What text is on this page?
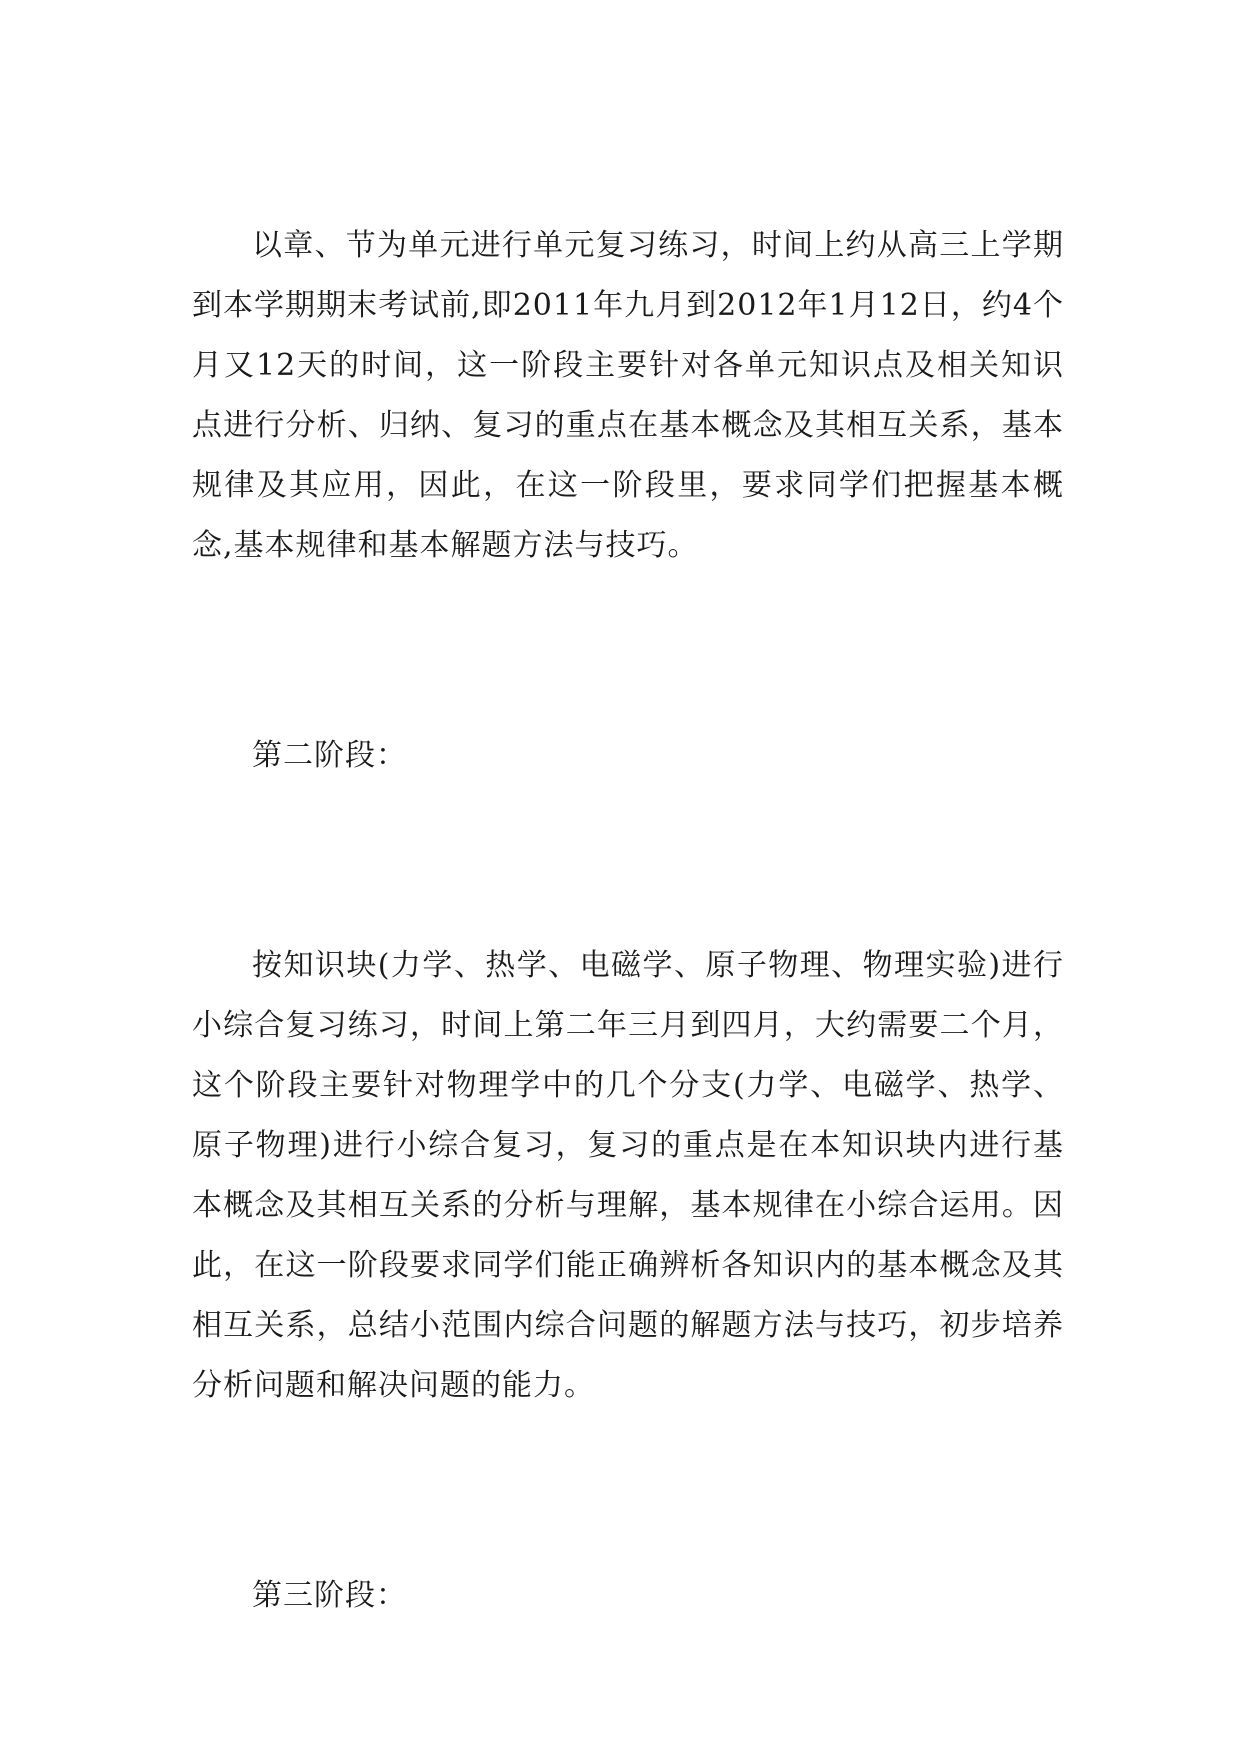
以章、节为单元进行单元复习练习，时间上约从高三上学期到本学期期末考试前,即2011年九月到2012年1月12日，约4个月又12天的时间，这一阶段主要针对各单元知识点及相关知识点进行分析、归纳、复习的重点在基本概念及其相互关系，基本规律及其应用，因此，在这一阶段里，要求同学们把握基本概念,基本规律和基本解题方法与技巧。

第二阶段：

按知识块(力学、热学、电磁学、原子物理、物理实验)进行小综合复习练习，时间上第二年三月到四月，大约需要二个月，这个阶段主要针对物理学中的几个分支(力学、电磁学、热学、原子物理)进行小综合复习，复习的重点是在本知识块内进行基本概念及其相互关系的分析与理解，基本规律在小综合运用。因此，在这一阶段要求同学们能正确辨析各知识内的基本概念及其相互关系，总结小范围内综合问题的解题方法与技巧，初步培养分析问题和解决问题的能力。

第三阶段：
